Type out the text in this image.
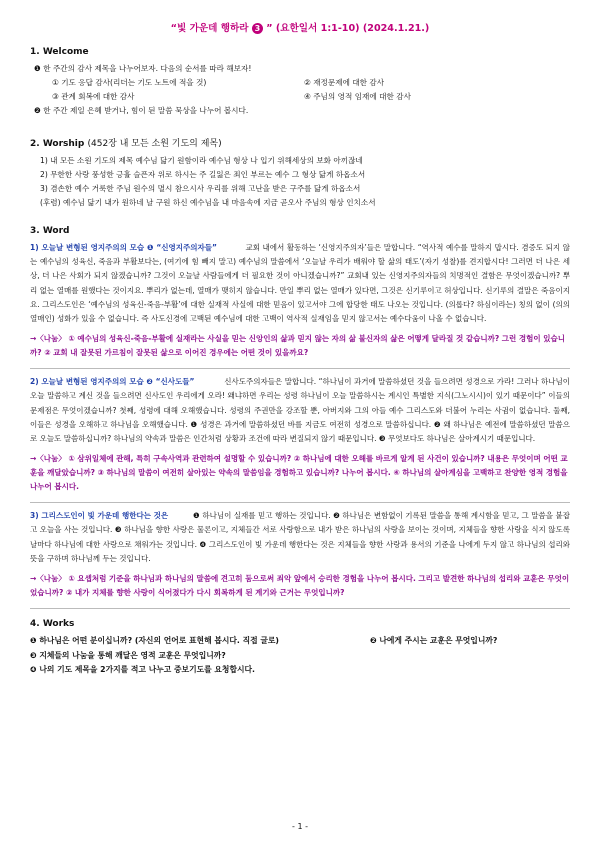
“빛 가운데 행하라 3 ” (요한일서 1:1-10) (2024.1.21.)
1. Welcome
❶ 한 주간의 감사 제목을 나누어보자. 다음의 순서를 따라 해보자!
① 기도 응답 감사(리더는 기도 노트에 적을 것)	② 재정문제에 대한 감사
③ 관계 회복에 대한 감사	④ 주님의 영적 임재에 대한 감사
❷ 한 주간 제일 은혜 받거나, 힘이 된 말씀 묵상을 나누어 봅시다.
2. Worship (452장 내 모든 소원 기도의 제목)
1) 내 모든 소원 기도의 제목 예수님 닮기 원함이라 예수님 형상 나 입기 위해세상의 보화 아끼잖네
2) 무한한 사랑 풍성한 긍휼 슬픈자 위로 하시는 주 길잃은 죄인 부르는 예수 그 형상 닮게 하옵소서
3) 겸손한 예수 거룩한 주님 원수의 멸시 참으시사 우리를 위해 고난을 받은 구주를 닮게 하옵소서
(후렴) 예수님 닮기 내가 원하네 날 구원 하신 예수님을 내 마음속에 지금 곧오사 주님의 형상 인치소서
3. Word

1) 오늘날 변형된 영지주의의 모습 ❶ “신영지주의자들”	교회 내에서 활동하는 ‘신영지주의자’들은 말합니다. “역사적 예수를 말하지 맙시다. 겸증도 되지 않는 예수님의 성육신, 죽음과 부활보다는, (여기에 힘 빼지 말고) 예수님의 말씀에서 ‘오늘날 우리가 배워야 할 삶의 태도’(자기 성찰)를 견지합시다! 그러면 더 나은 세상, 더 나은 사회가 되지 않겠습니까? 그것이 오늘날 사람들에게 더 필요한 것이 아니겠습니까?” 교회내 있는 신영지주의자들의 치명적인 결함은 무엇이겠습니까? 뿌리 없는 열매를 원했다는 것이지요. 뿌리가 없는데, 열매가 맺히지 않습니다. 만일 뿌리 없는 열매가 있다면, 그것은 신기루이고 허상입니다. 신기루의 결말은 죽음이지요. 그리스도인은 ‘예수님의 성육신-죽음-부활’에 대한 실재적 사실에 대한 믿음이 있고서야 그에 합당한 태도 나오는 것입니다. (의롭다? 하심이라는) 칭의 없이 (의의 열매인) 성화가 있을 수 없습니다. 즉 사도신경에 고백된 예수님에 대한 고백이 역사적 실재임을 믿지 않고서는 예수다움이 나올 수 없습니다.

→〈나눔〉 ① 예수님의 성육신-죽음-부활에 실재라는 사실을 믿는 신앙인의 삶과 믿지 않는 자의 삶 불신자의 삶은 어떻게 달라질 것 같습니까? 그런 경험이 있습니까? ② 교회 내 잘못된 가르침이 잘못된 삶으로 이어진 경우에는 어떤 것이 있을까요?

2) 오늘날 변형된 영지주의의 모습 ❷ “신사도들”	신사도주의자들은 말합니다. “하나님이 과거에 말씀하셨던 것을 들으려면 성경으로 가라! 그러나 하나님이 오늘 말씀하고 계신 것을 들으려면 신사도인 우리에게 오라! 왜냐하면 우리는 성령 하나님이 오늘 말씀하시는 계시인 특별한 지식(그노시시)이 있기 때문이다” 이들의 문제점은 무엇이겠습니까? 첫째, 성령에 대해 오해했습니다. 성령의 주권만을 강조할 뿐, 아버지와 그의 아들 예수 그리스도와 더불어 누리는 사귐이 없습니다. 둘째, 이들은 성경을 오해하고 하나님을 오해했습니다. ❶ 성경은 과거에 말씀하셨던 바를 지금도 여전히 성경으로 말씀하십니다. ❷ 왜 하나님은 예전에 말씀하셨던 말씀으로 오늘도 말씀하십니까? 하나님의 약속과 말씀은 인간처럼 상황과 조건에 따라 변질되지 않기 때문입니다. ❸ 무엇보다도 하나님은 살아계시기 때문입니다.

→〈나눔〉 ① 삼위일체에 관해, 특히 구속사역과 관련하여 설명할 수 있습니까? ② 하나님에 대한 오해를 바르게 알게 된 사건이 있습니까? 내용은 무엇이며 어떤 교훈을 깨달았습니까? ③ 하나님의 말씀이 여전히 살아있는 약속의 말씀임을 경험하고 있습니까? 나누어 봅시다. ④ 하나님의 살아계심을 고백하고 찬양한 영적 경험을 나누어 봅시다.

3) 그리스도인이 빛 가운데 행한다는 것은	❶ 하나님이 실재를 믿고 행하는 것입니다. ❷ 하나님은 변함없이 기록된 말씀을 통해 계시함을 믿고, 그 말씀을 붙잡고 오늘을 사는 것입니다. ❸ 하나님을 향한 사랑은 물론이고, 지체들간 서로 사랑함으로 내가 받은 하나님의 사랑을 보이는 것이며, 지체들을 향한 사랑을 식지 않도록 날마다 하나님에 대한 사랑으로 채워가는 것입니다. ❹ 그리스도인이 빛 가운데 행한다는 것은 지체들을 향한 사랑과 용서의 기준을 나에게 두지 않고 하나님의 섭리와 뜻을 구하며 하나님께 두는 것입니다.

→〈나눔〉 ① 요셉처럼 기준을 하나님과 하나님의 말씀에 견고히 둠으로써 죄악 앞에서 승리한 경험을 나누어 봅시다. 그리고 발견한 하나님의 섭리와 교훈은 무엇이었습니까? ② 내가 지체를 향한 사랑이 식어졌다가 다시 회복하게 된 계기와 근거는 무엇입니까?
4. Works
❶ 하나님은 어떤 분이십니까? (자신의 언어로 표현해 봅시다. 직접 글로)	❷ 나에게 주시는 교훈은 무엇입니까?
❸ 지체들의 나눔을 통해 깨달은 영적 교훈은 무엇입니까?
❹ 나의 기도 제목을 2가지를 적고 나누고 중보기도를 요청합시다.
- 1 -
